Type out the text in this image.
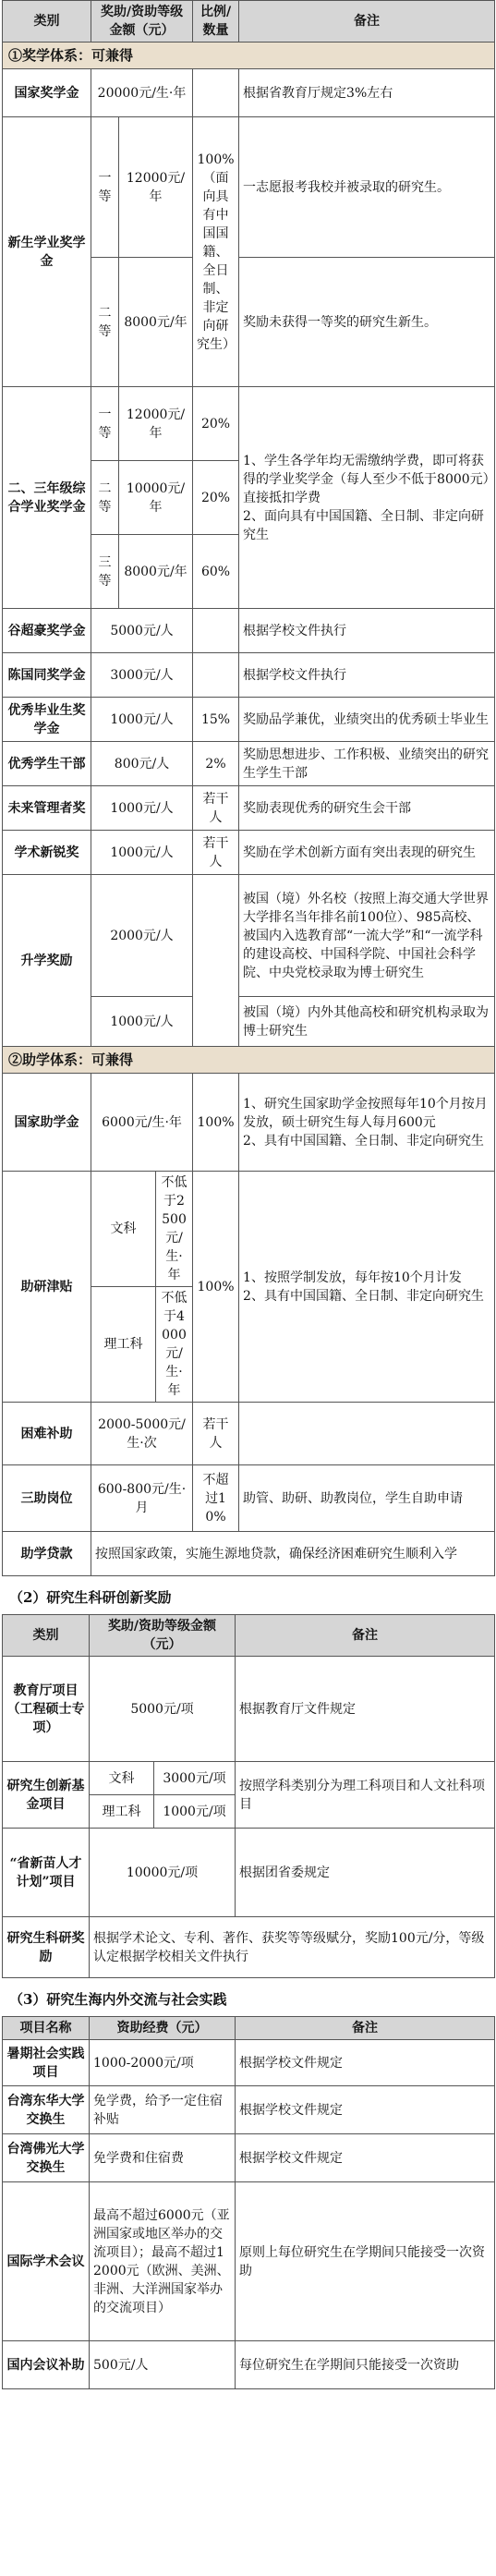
类别	奖助/资助等级金额（元）			比例/数量	备注
①奖学体系：可兼得					
国家奖学金	20000元/生·年				根据省教育厅规定3%左右
新生学业奖学金	一等	12000元/年		100%（面向具有中国国籍、全日制、非定向研究生）	一志愿报考我校并被录取的研究生。
	二等	8000元/年			奖励未获得一等奖的研究生新生。
二、三年级综合学业奖学金	一等	12000元/年		20%	1、学生各学年均无需缴纳学费，即可将获得的学业奖学金（每人至少不低于8000元）直接抵扣学费
2、面向具有中国国籍、全日制、非定向研究生
	二等	10000元/年		20%	
	三等	8000元/年		60%	
谷超豪奖学金	5000元/人				根据学校文件执行
陈国同奖学金	3000元/人				根据学校文件执行
优秀毕业生奖学金	1000元/人			15%	奖励品学兼优，业绩突出的优秀硕士毕业生
优秀学生干部	800元/人			2%	奖励思想进步、工作积极、业绩突出的研究生学生干部
未来管理者奖	1000元/人			若干人	奖励表现优秀的研究生会干部
学术新锐奖	1000元/人			若干人	奖励在学术创新方面有突出表现的研究生
升学奖励	2000元/人				被国（境）外名校（按照上海交通大学世界大学排名当年排名前100位）、985高校、被国内入选教育部“一流大学”和“一流学科的建设高校、中国科学院、中国社会科学院、中央党校录取为博士研究生
	1000元/人				被国（境）内外其他高校和研究机构录取为博士研究生
②助学体系：可兼得					
国家助学金	6000元/生·年			100%	1、研究生国家助学金按照每年10个月按月发放，硕士研究生每人每月600元
2、具有中国国籍、全日制、非定向研究生
助研津贴	文科		不低于2500元/生·年	100%	1、按照学制发放，每年按10个月计发
2、具有中国国籍、全日制、非定向研究生
	理工科		不低于4000元/生·年		
困难补助	2000-5000元/生·次			若干人	
三助岗位	600-800元/生·月			不超过10%	助管、助研、助教岗位，学生自助申请
助学贷款	按照国家政策，实施生源地贷款，确保经济困难研究生顺利入学				
（2）研究生科研创新奖励
类别	奖助/资助等级金额（元）		备注
教育厅项目（工程硕士专项）	5000元/项		根据教育厅文件规定
研究生创新基金项目	文科	3000元/项	按照学科类别分为理工科项目和人文社科项目
	理工科	1000元/项	
“省新苗人才计划”项目	10000元/项		根据团省委规定
研究生科研奖励	根据学术论文、专利、著作、获奖等等级赋分，奖励100元/分，等级认定根据学校相关文件执行		
（3）研究生海内外交流与社会实践
项目名称	资助经费（元）	备注
暑期社会实践项目	1000-2000元/项	根据学校文件规定
台湾东华大学交换生	免学费，给予一定住宿补贴	根据学校文件规定
台湾佛光大学交换生	免学费和住宿费	根据学校文件规定
国际学术会议	最高不超过6000元（亚洲国家或地区举办的交流项目）；最高不超过12000元（欧洲、美洲、非洲、大洋洲国家举办的交流项目）	原则上每位研究生在学期间只能接受一次资助
国内会议补助	500元/人	每位研究生在学期间只能接受一次资助
